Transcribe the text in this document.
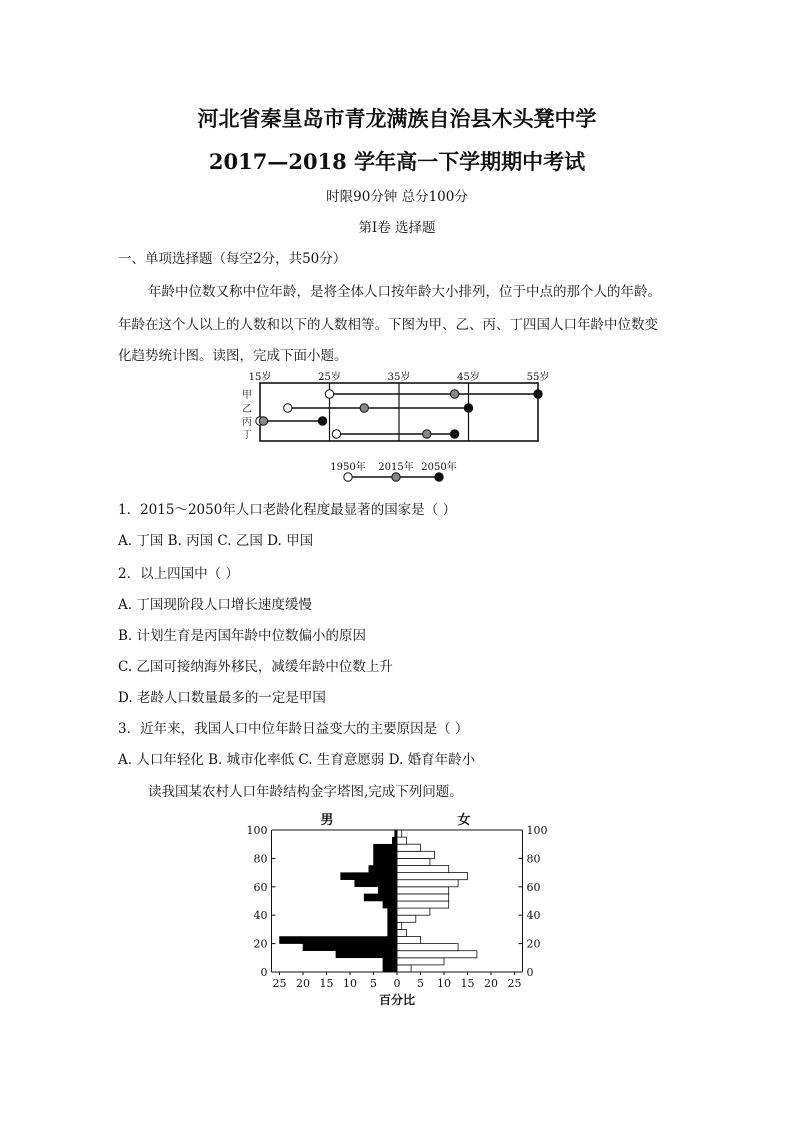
河北省秦皇岛市青龙满族自治县木头凳中学
2017—2018 学年高一下学期期中考试
时限90分钟 总分100分
第Ⅰ卷 选择题
一、单项选择题（每空2分，共50分）
年龄中位数又称中位年龄，是将全体人口按年龄大小排列，位于中点的那个人的年龄。
年龄在这个人以上的人数和以下的人数相等。下图为甲、乙、丙、丁四国人口年龄中位数变
化趋势统计图。读图，完成下面小题。
15岁	25岁	35岁	45岁	55岁
甲
乙
丙
丁
1950年 2015年 2050年
1．2015～2050年人口老龄化程度最显著的国家是（ ）
A. 丁国 B. 丙国 C. 乙国 D. 甲国
2．以上四国中（ ）
A. 丁国现阶段人口增长速度缓慢
B. 计划生育是丙国年龄中位数偏小的原因
C. 乙国可接纳海外移民，减缓年龄中位数上升
D. 老龄人口数量最多的一定是甲国
3．近年来，我国人口中位年龄日益变大的主要原因是（ ）
A. 人口年轻化 B. 城市化率低 C. 生育意愿弱 D. 婚育年龄小
读我国某农村人口年龄结构金字塔图,完成下列问题。
0	0
20	20
40	40
60	60
80	80
100	100
25 20 15 10 5 0 5 10 15 20 25
百分比
男	女
